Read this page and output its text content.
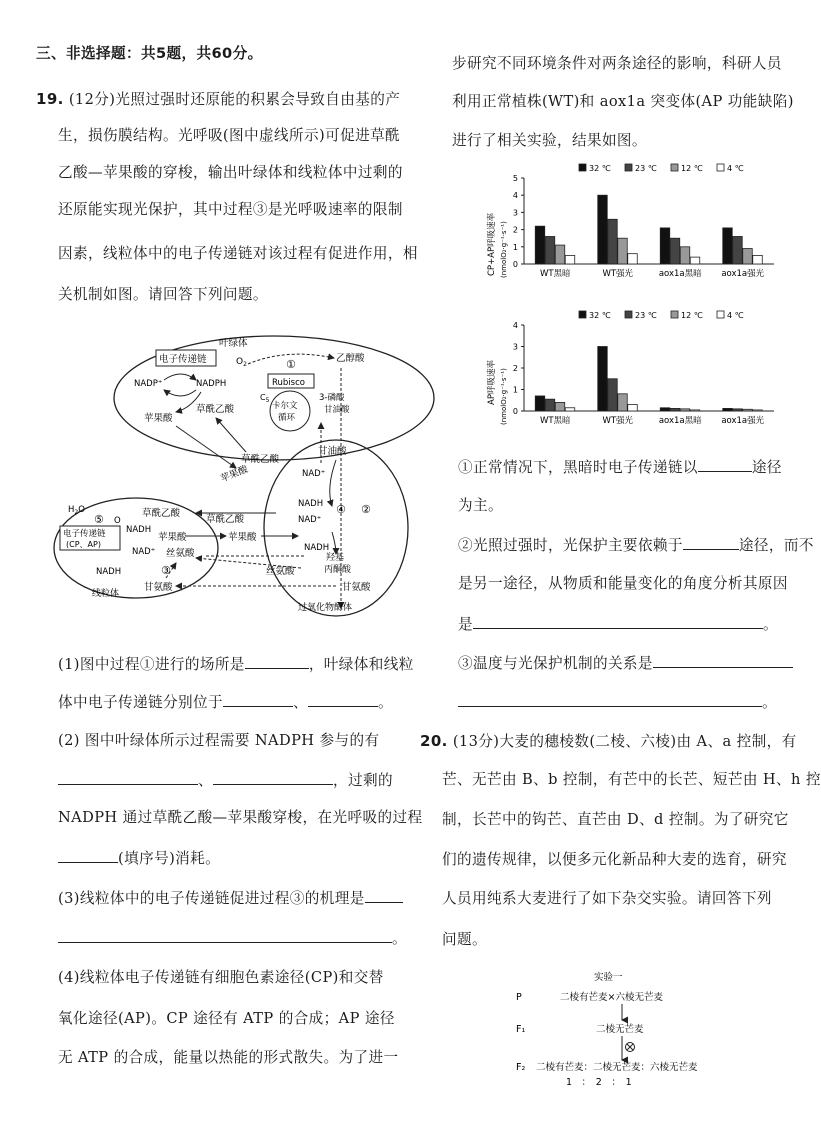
三、非选择题：共5题，共60分。
19. (12分)光照过强时还原能的积累会导致自由基的产
生，损伤膜结构。光呼吸(图中虚线所示)可促进草酰
乙酸—苹果酸的穿梭，输出叶绿体和线粒体中过剩的
还原能实现光保护，其中过程③是光呼吸速率的限制
因素，线粒体中的电子传递链对该过程有促进作用，相
关机制如图。请回答下列问题。
叶绿体
电子传递链	$O_2$	①	乙醇酸
NADP⁺	NADPH	Rubisco
$C_5$
卡尔文
循环
3-磷酸
甘油酸
苹果酸
草酰乙酸
草酰乙酸
苹果酸
甘油酸
NAD⁺
NADH
NAD⁺
NADH
④ ②
羟基
丙酮酸
甘氨酸
过氧化物酶体
$H_2O$
⑤ O
电子传递链
(CP、AP)
草酰乙酸
草酰乙酸
NADH
苹果酸	苹果酸
NAD⁺ 丝氨酸
③
NADH
甘氨酸
丝氨酸
线粒体
(1)图中过程①进行的场所是	，叶绿体和线粒
体中电子传递链分别位于	、	。
(2) 图中叶绿体所示过程需要 NADPH 参与的有
、	，过剩的
NADPH 通过草酰乙酸—苹果酸穿梭，在光呼吸的过程
(填序号)消耗。
(3)线粒体中的电子传递链促进过程③的机理是
。
(4)线粒体电子传递链有细胞色素途径(CP)和交替
氧化途径(AP)。CP 途径有 ATP 的合成；AP 途径
无 ATP 的合成，能量以热能的形式散失。为了进一
步研究不同环境条件对两条途径的影响，科研人员
利用正常植株(WT)和 aox1a 突变体(AP 功能缺陷)
进行了相关实验，结果如图。
0
1
2
3
4
5
32 ℃	23 ℃	12 ℃	4 ℃
WT黑暗	WT强光	aox1a黑暗 aox1a强光
CP+AP呼吸速率 (nmolO₂·g⁻¹·s⁻¹)
0
1
2
3
4
32 ℃	23 ℃	12 ℃	4 ℃
WT黑暗	WT强光	aox1a黑暗 aox1a强光
AP呼吸速率 (nmolO₂·g⁻¹·s⁻¹)
①正常情况下，黑暗时电子传递链以	途径
为主。
②光照过强时，光保护主要依赖于	途径，而不
是另一途径，从物质和能量变化的角度分析其原因
是	。
③温度与光保护机制的关系是
。
20. (13分)大麦的穗棱数(二棱、六棱)由 A、a 控制，有
芒、无芒由 B、b 控制，有芒中的长芒、短芒由 H、h 控
制，长芒中的钩芒、直芒由 D、d 控制。为了研究它
们的遗传规律，以便多元化新品种大麦的选育，研究
人员用纯系大麦进行了如下杂交实验。请回答下列
问题。
实验一
P	二棱有芒麦×六棱无芒麦
F₁	二棱无芒麦
F₂ 二棱有芒麦：二棱无芒麦：六棱无芒麦
1　：　2　：　1
